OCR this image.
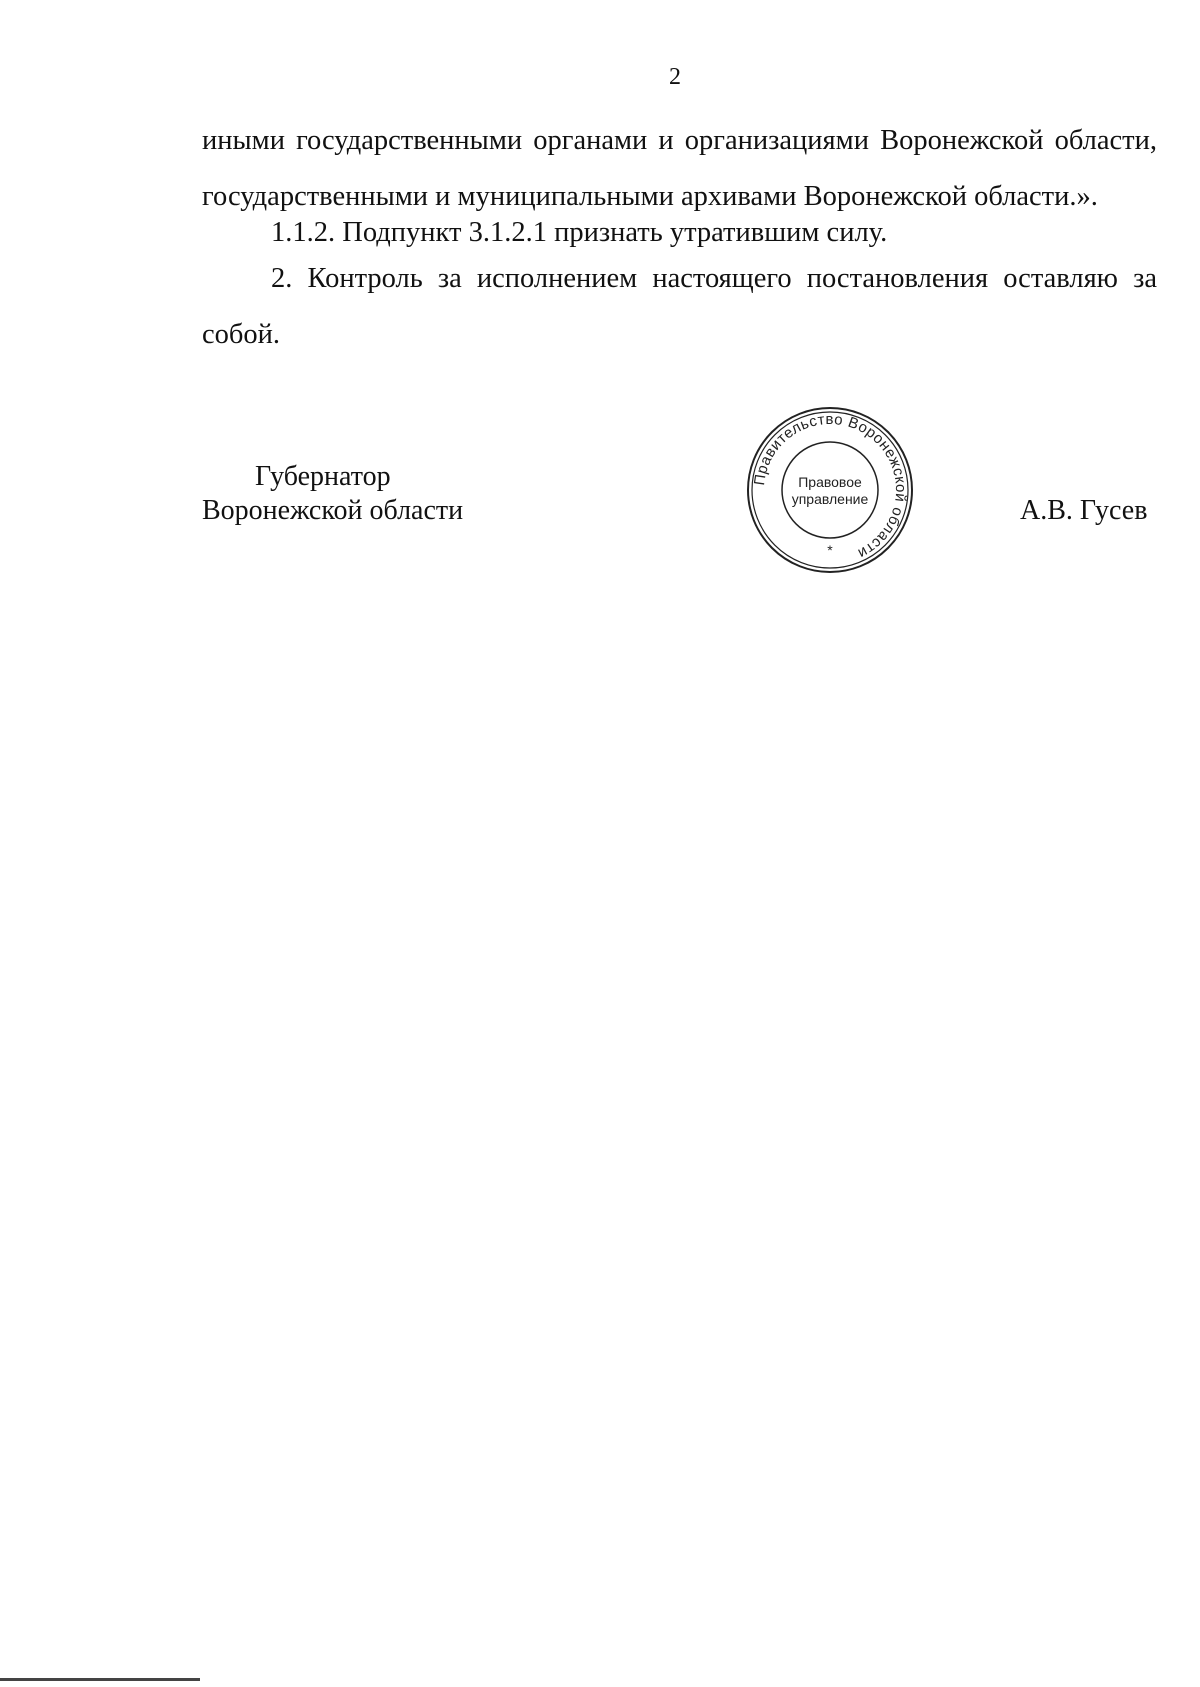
2
иными государственными органами и организациями Воронежской области, государственными и муниципальными архивами Воронежской области.».
1.1.2. Подпункт 3.1.2.1 признать утратившим силу.
2. Контроль за исполнением настоящего постановления оставляю за собой.
Губернатор
Воронежской области
Правительство Воронежской области
Правовое
управление
*
А.В. Гусев
